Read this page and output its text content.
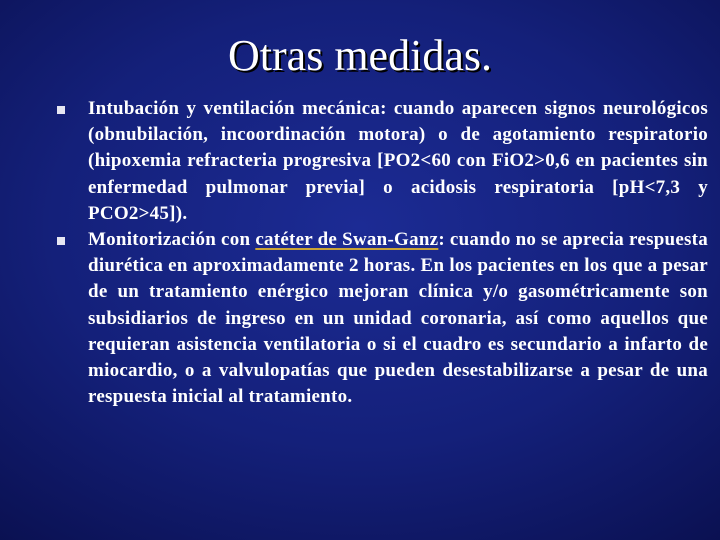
Otras medidas.
Intubación y ventilación mecánica: cuando aparecen signos neurológicos (obnubilación, incoordinación motora) o de agotamiento respiratorio (hipoxemia refracteria progresiva [PO2<60 con FiO2>0,6 en pacientes sin enfermedad pulmonar previa] o acidosis respiratoria [pH<7,3 y PCO2>45]).
Monitorización con catéter de Swan-Ganz: cuando no se aprecia respuesta diurética en aproximadamente 2 horas. En los pacientes en los que a pesar de un tratamiento enérgico mejoran clínica y/o gasométricamente son subsidiarios de ingreso en un unidad coronaria, así como aquellos que requieran asistencia ventilatoria o si el cuadro es secundario a infarto de miocardio, o a valvulopatías que pueden desestabilizarse a pesar de una respuesta inicial al tratamiento.
